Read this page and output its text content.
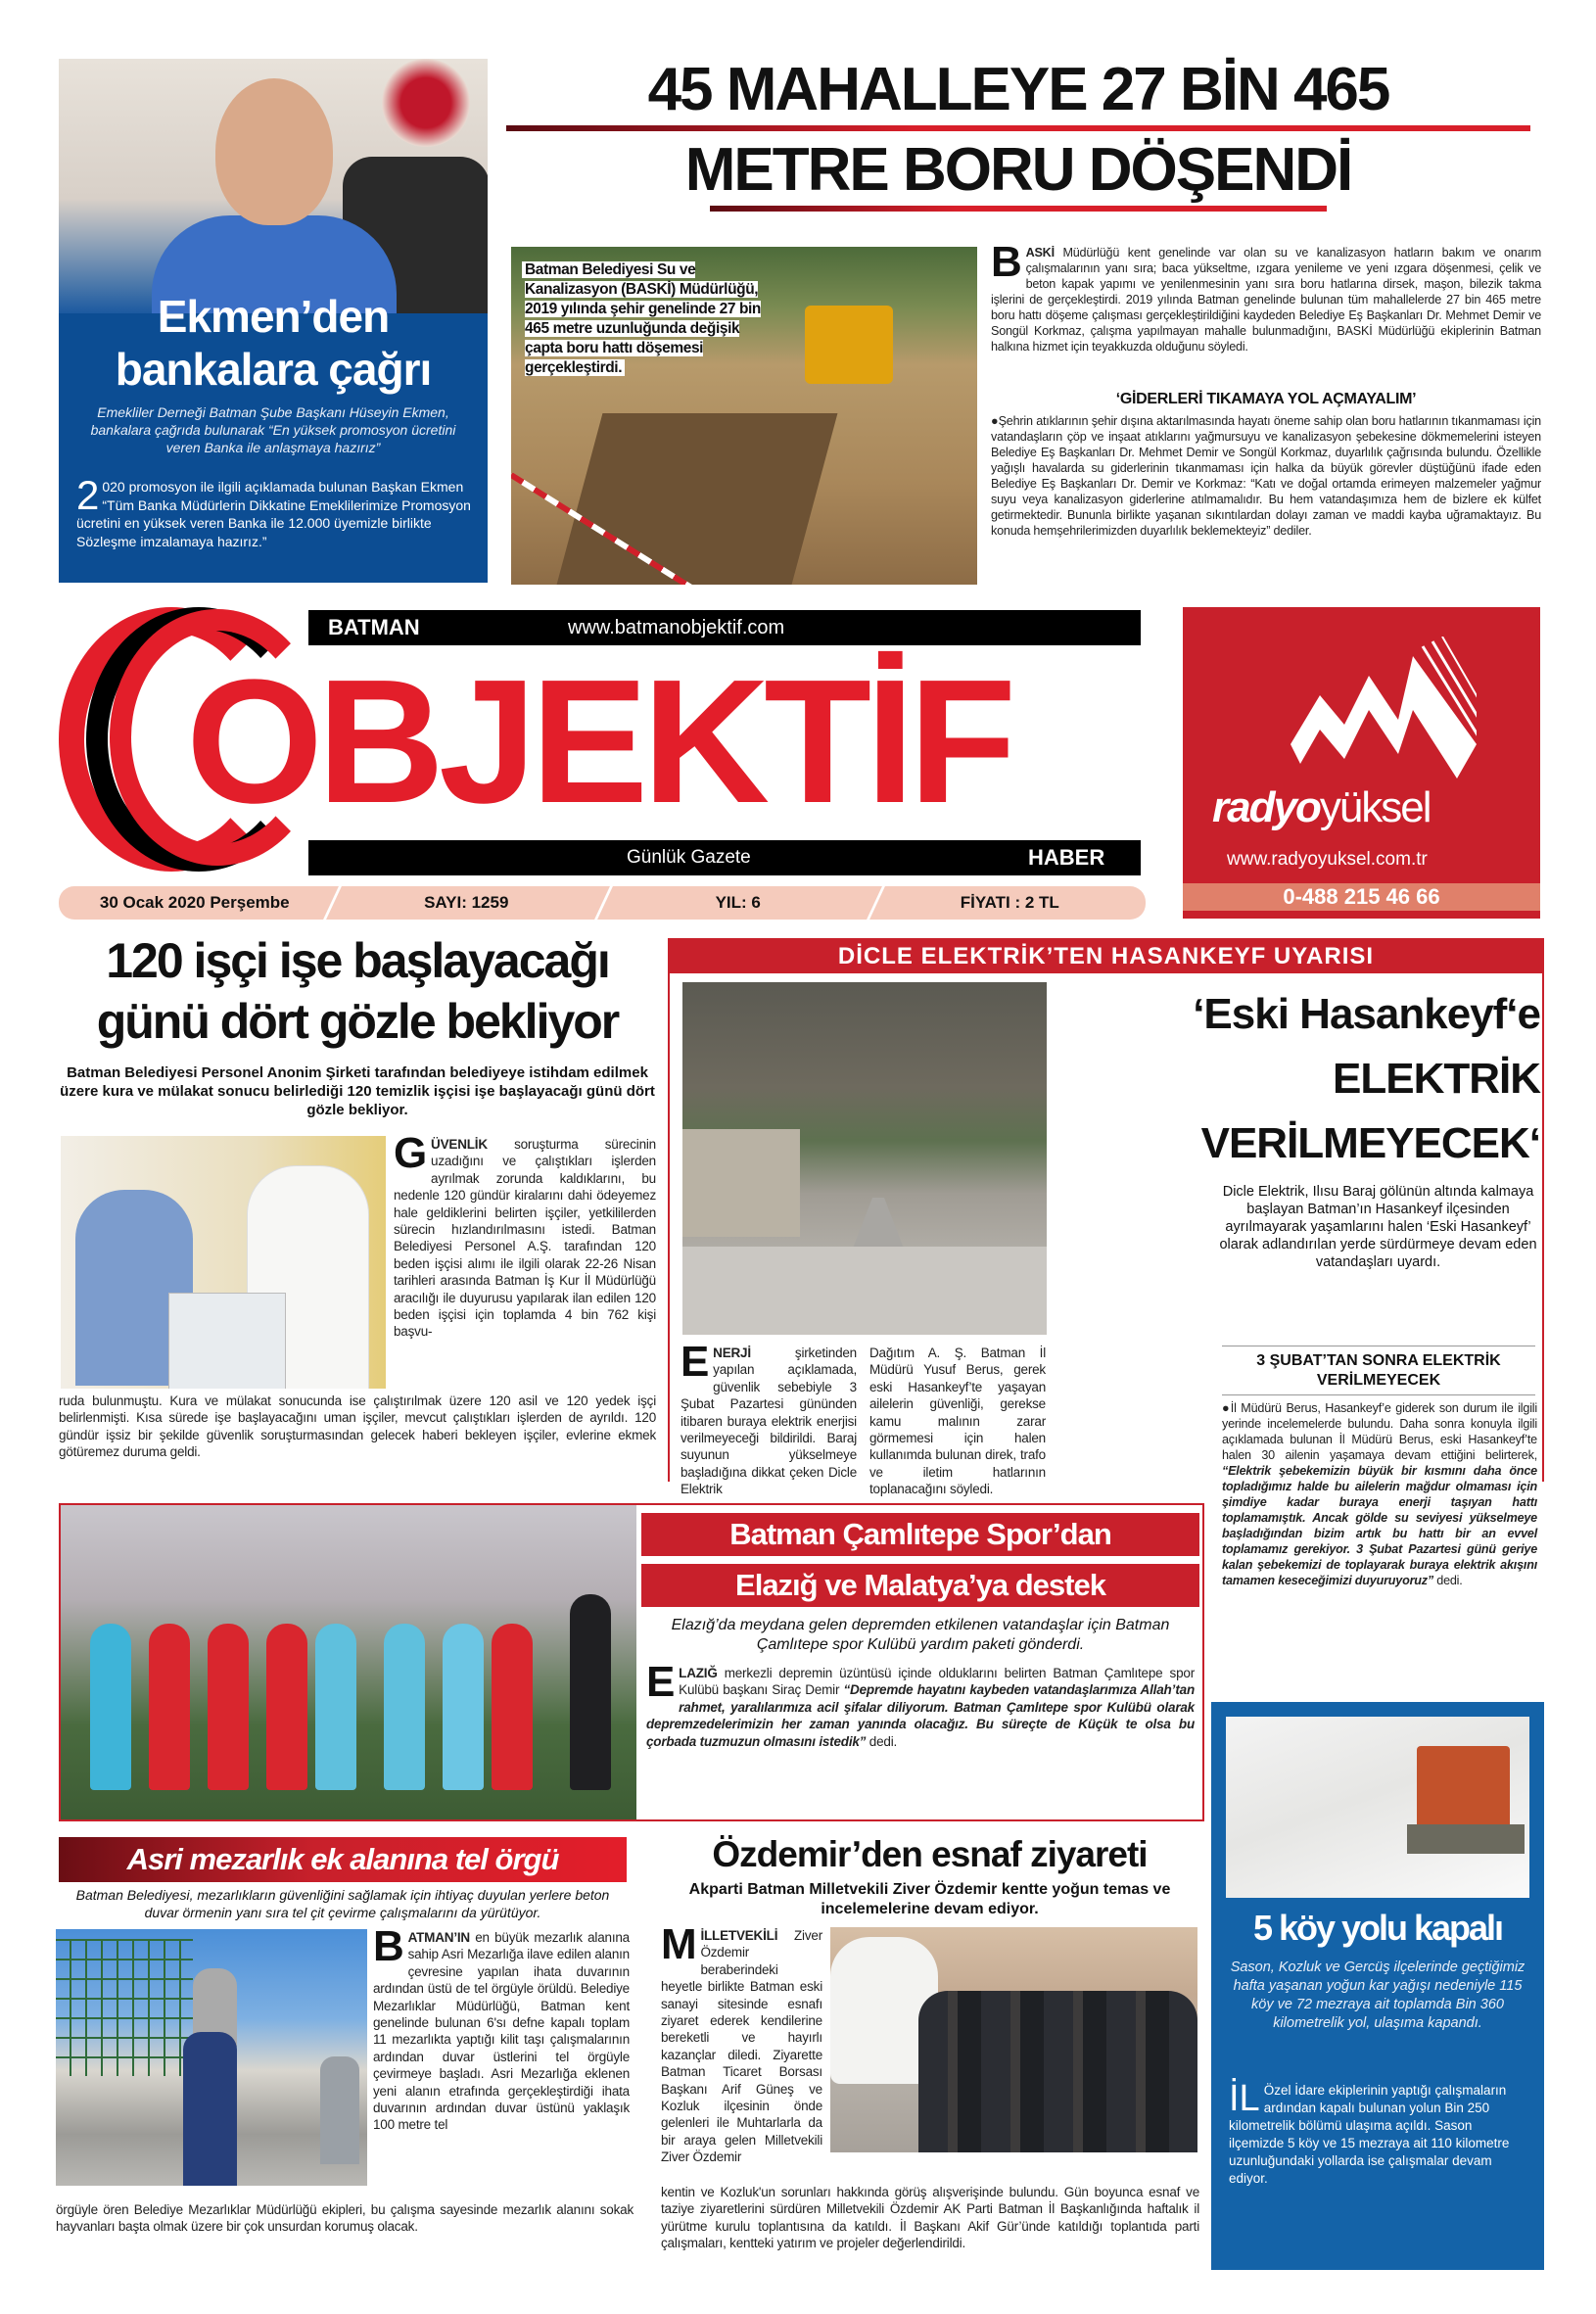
Ekmen’den
bankalara çağrı
Emekliler Derneği Batman Şube Başkanı Hüseyin Ekmen, bankalara çağrıda bulunarak “En yüksek promosyon ücretini veren Banka ile anlaşmaya hazırız”
2 020 promosyon ile ilgili açıklamada bulunan Başkan Ekmen “Tüm Banka Müdürlerin Dikkatine Emeklilerimize Promosyon ücretini en yüksek veren Banka ile 12.000 üyemizle birlikte Sözleşme imzalamaya hazırız.”
45 MAHALLEYE 27 BİN 465
METRE BORU DÖŞENDİ
Batman Belediyesi Su ve Kanalizasyon (BASKİ) Müdürlüğü, 2019 yılında şehir genelinde 27 bin 465 metre uzunluğunda değişik çapta boru hattı döşemesi gerçekleştirdi.
BASKİ Müdürlüğü kent genelinde var olan su ve kanalizasyon hatların bakım ve onarım çalışmalarının yanı sıra; baca yükseltme, ızgara yenileme ve yeni ızgara döşenmesi, çelik ve beton kapak yapımı ve yenilenmesinin yanı sıra boru hatlarına dirsek, maşon, bilezik takma işlerini de gerçekleştirdi. 2019 yılında Batman genelinde bulunan tüm mahallelerde 27 bin 465 metre boru hattı döşeme çalışması gerçekleştirildiğini kaydeden Belediye Eş Başkanları Dr. Mehmet Demir ve Songül Korkmaz, çalışma yapılmayan mahalle bulunmadığını, BASKİ Müdürlüğü ekiplerinin Batman halkına hizmet için teyakkuzda olduğunu söyledi.
‘GİDERLERİ TIKAMAYA YOL AÇMAYALIM’
● Şehrin atıklarının şehir dışına aktarılmasında hayatı öneme sahip olan boru hatlarının tıkanmaması için vatandaşların çöp ve inşaat atıklarını yağmursuyu ve kanalizasyon şebekesine dökmemelerini isteyen Belediye Eş Başkanları Dr. Mehmet Demir ve Songül Korkmaz, duyarlılık çağrısında bulundu. Özellikle yağışlı havalarda su giderlerinin tıkanmaması için halka da büyük görevler düştüğünü ifade eden Belediye Eş Başkanları Dr. Demir ve Korkmaz: “Katı ve doğal ortamda erimeyen malzemeler yağmur suyu veya kanalizasyon giderlerine atılmamalıdır. Bu hem vatandaşımıza hem de bizlere ek külfet getirmektedir. Bununla birlikte yaşanan sıkıntılardan dolayı zaman ve maddi kayba uğramaktayız. Bu konuda hemşehrilerimizden duyarlılık beklemekteyiz” dediler.
BATMAN	www.batmanobjektif.com
OBJEKTİF
Günlük Gazete	HABER
30 Ocak 2020 Perşembe	SAYI: 1259	YIL: 6	FİYATI : 2 TL
radyoyüksel
www.radyoyuksel.com.tr
0-488 215 46 66
120 işçi işe başlayacağı
günü dört gözle bekliyor
Batman Belediyesi Personel Anonim Şirketi tarafından belediyeye istihdam edilmek üzere kura ve mülakat sonucu belirlediği 120 temizlik işçisi işe başlayacağı günü dört gözle bekliyor.
GÜVENLİK soruşturma sürecinin uzadığını ve çalıştıkları işlerden ayrılmak zorunda kaldıklarını, bu nedenle 120 gündür kiralarını dahi ödeyemez hale geldiklerini belirten işçiler, yetkililerden sürecin hızlandırılmasını istedi. Batman Belediyesi Personel A.Ş. tarafından 120 beden işçisi alımı ile ilgili olarak 22-26 Nisan tarihleri arasında Batman İş Kur İl Müdürlüğü aracılığı ile duyurusu yapılarak ilan edilen 120 beden işçisi için toplamda 4 bin 762 kişi başvu-
ruda bulunmuştu. Kura ve mülakat sonucunda ise çalıştırılmak üzere 120 asil ve 120 yedek işçi belirlenmişti. Kısa sürede işe başlayacağını uman işçiler, mevcut çalıştıkları işlerden de ayrıldı. 120 gündür işsiz bir şekilde güvenlik soruşturmasından gelecek haberi bekleyen işçiler, evlerine ekmek götüremez duruma geldi.
DİCLE ELEKTRİK’TEN HASANKEYF UYARISI
‘Eski Hasankeyf‘e
ELEKTRİK
VERİLMEYECEK‘
Dicle Elektrik, Ilısu Baraj gölünün altında kalmaya başlayan Batman’ın Hasankeyf ilçesinden ayrılmayarak yaşamlarını halen ‘Eski Hasankeyf’ olarak adlandırılan yerde sürdürmeye devam eden vatandaşları uyardı.
ENERJİ şirketinden yapılan açıklamada, güvenlik sebebiyle 3 Şubat Pazartesi gününden itibaren buraya elektrik enerjisi verilmeyeceği bildirildi. Baraj suyunun yükselmeye başladığına dikkat çeken Dicle Elektrik
Dağıtım A. Ş. Batman İl Müdürü Yusuf Berus, gerek eski Hasankeyf’te yaşayan ailelerin güvenliği, gerekse kamu malının zarar görmemesi için halen kullanımda bulunan direk, trafo ve iletim hatlarının toplanacağını söyledi.
3 ŞUBAT’TAN SONRA ELEKTRİK VERİLMEYECEK
● İl Müdürü Berus, Hasankeyf’e giderek son durum ile ilgili yerinde incelemelerde bulundu. Daha sonra konuyla ilgili açıklamada bulunan İl Müdürü Berus, eski Hasankeyf’te halen 30 ailenin yaşamaya devam ettiğini belirterek, “Elektrik şebekemizin büyük bir kısmını daha önce topladığımız halde bu ailelerin mağdur olmaması için şimdiye kadar buraya enerji taşıyan hattı toplamamıştık. Ancak gölde su seviyesi yükselmeye başladığından bizim artık bu hattı bir an evvel toplamamız gerekiyor. 3 Şubat Pazartesi günü geriye kalan şebekemizi de toplayarak buraya elektrik akışını tamamen keseceğimizi duyuruyoruz” dedi.
Batman Çamlıtepe Spor’dan
Elazığ ve Malatya’ya destek
Elazığ’da meydana gelen depremden etkilenen vatandaşlar için Batman Çamlıtepe spor Kulübü yardım paketi gönderdi.
ELAZIĞ merkezli depremin üzüntüsü içinde olduklarını belirten Batman Çamlıtepe spor Kulübü başkanı Siraç Demir “Depremde hayatını kaybeden vatandaşlarımıza Allah’tan rahmet, yaralılarımıza acil şifalar diliyorum. Batman Çamlıtepe spor Kulübü olarak depremzedelerimizin her zaman yanında olacağız. Bu süreçte de Küçük te olsa bu çorbada tuzmuzun olmasını istedik” dedi.
5 köy yolu kapalı
Sason, Kozluk ve Gercüş ilçelerinde geçtiğimiz hafta yaşanan yoğun kar yağışı nedeniyle 115 köy ve 72 mezraya ait toplamda Bin 360 kilometrelik yol, ulaşıma kapandı.
İL Özel İdare ekiplerinin yaptığı çalışmaların ardından kapalı bulunan yolun Bin 250 kilometrelik bölümü ulaşıma açıldı. Sason ilçemizde 5 köy ve 15 mezraya ait 110 kilometre uzunluğundaki yollarda ise çalışmalar devam ediyor.
Asri mezarlık ek alanına tel örgü
Batman Belediyesi, mezarlıkların güvenliğini sağlamak için ihtiyaç duyulan yerlere beton duvar örmenin yanı sıra tel çit çevirme çalışmalarını da yürütüyor.
BATMAN’IN en büyük mezarlık alanına sahip Asri Mezarlığa ilave edilen alanın çevresine yapılan ihata duvarının ardından üstü de tel örgüyle örüldü. Belediye Mezarlıklar Müdürlüğü, Batman kent genelinde bulunan 6'sı defne kapalı toplam 11 mezarlıkta yaptığı kilit taşı çalışmalarının ardından duvar üstlerini tel örgüyle çevirmeye başladı. Asri Mezarlığa eklenen yeni alanın etrafında gerçekleştirdiği ihata duvarının ardından duvar üstünü yaklaşık 100 metre tel
örgüyle ören Belediye Mezarlıklar Müdürlüğü ekipleri, bu çalışma sayesinde mezarlık alanını sokak hayvanları başta olmak üzere bir çok unsurdan korumuş olacak.
Özdemir’den esnaf ziyareti
Akparti Batman Milletvekili Ziver Özdemir kentte yoğun temas ve incelemelerine devam ediyor.
MİLLETVEKİLİ Ziver Özdemir beraberindeki heyetle birlikte Batman eski sanayi sitesinde esnafı ziyaret ederek kendilerine bereketli ve hayırlı kazançlar diledi. Ziyarette Batman Ticaret Borsası Başkanı Arif Güneş ve Kozluk ilçesinin önde gelenleri ile Muhtarlarla da bir araya gelen Milletvekili Ziver Özdemir
kentin ve Kozluk'un sorunları hakkında görüş alışverişinde bulundu. Gün boyunca esnaf ve taziye ziyaretlerini sürdüren Milletvekili Özdemir AK Parti Batman İl Başkanlığında haftalık il yürütme kurulu toplantısına da katıldı. İl Başkanı Akif Gür’ünde katıldığı toplantıda parti çalışmaları, kentteki yatırım ve projeler değerlendirildi.
